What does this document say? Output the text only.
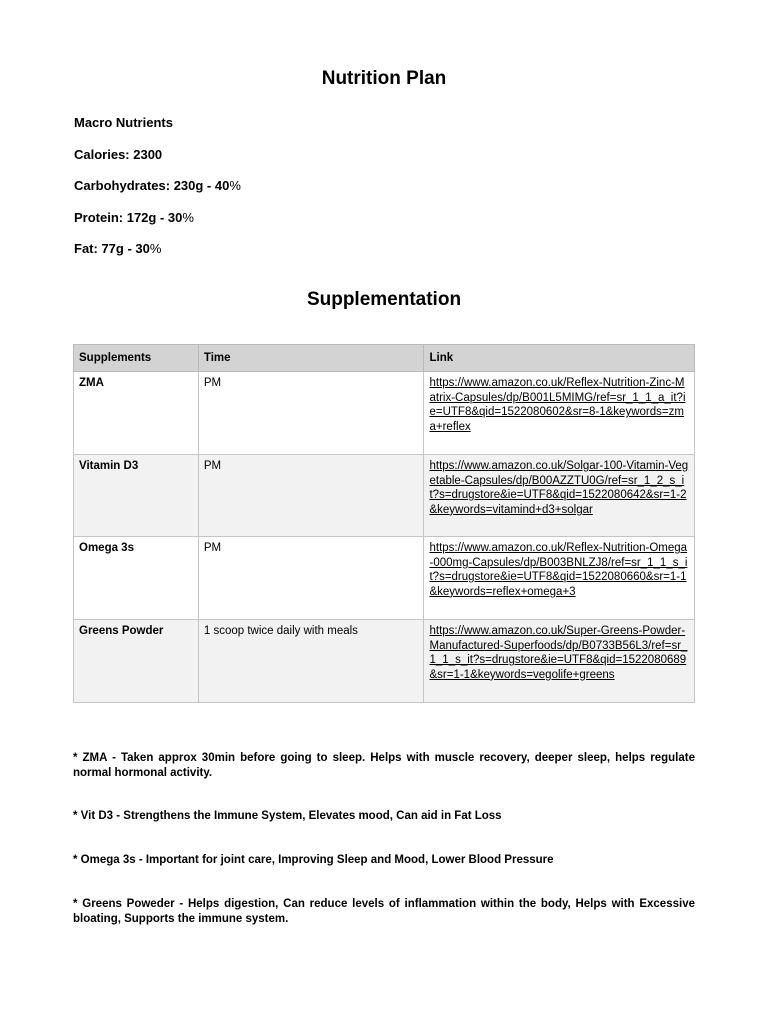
Nutrition Plan
Macro Nutrients
Calories: 2300
Carbohydrates: 230g - 40%
Protein: 172g - 30%
Fat: 77g - 30%
Supplementation
Supplements	Time	Link
ZMA	PM	https://www.amazon.co.uk/Reflex-Nutrition-Zinc-Matrix-Capsules/dp/B001L5MIMG/ref=sr_1_1_a_it?ie=UTF8&qid=1522080602&sr=8-1&keywords=zma+reflex
Vitamin D3	PM	https://www.amazon.co.uk/Solgar-100-Vitamin-Vegetable-Capsules/dp/B00AZZTU0G/ref=sr_1_2_s_it?s=drugstore&ie=UTF8&qid=1522080642&sr=1-2&keywords=vitamind+d3+solgar
Omega 3s	PM	https://www.amazon.co.uk/Reflex-Nutrition-Omega-000mg-Capsules/dp/B003BNLZJ8/ref=sr_1_1_s_it?s=drugstore&ie=UTF8&qid=1522080660&sr=1-1&keywords=reflex+omega+3
Greens Powder	1 scoop twice daily with meals	https://www.amazon.co.uk/Super-Greens-Powder-Manufactured-Superfoods/dp/B0733B56L3/ref=sr_1_1_s_it?s=drugstore&ie=UTF8&qid=1522080689&sr=1-1&keywords=vegolife+greens

* ZMA - Taken approx 30min before going to sleep. Helps with muscle recovery, deeper sleep, helps regulate normal hormonal activity.

* Vit D3 - Strengthens the Immune System, Elevates mood, Can aid in Fat Loss

* Omega 3s - Important for joint care, Improving Sleep and Mood, Lower Blood Pressure

* Greens Poweder - Helps digestion, Can reduce levels of inflammation within the body, Helps with Excessive bloating, Supports the immune system.
